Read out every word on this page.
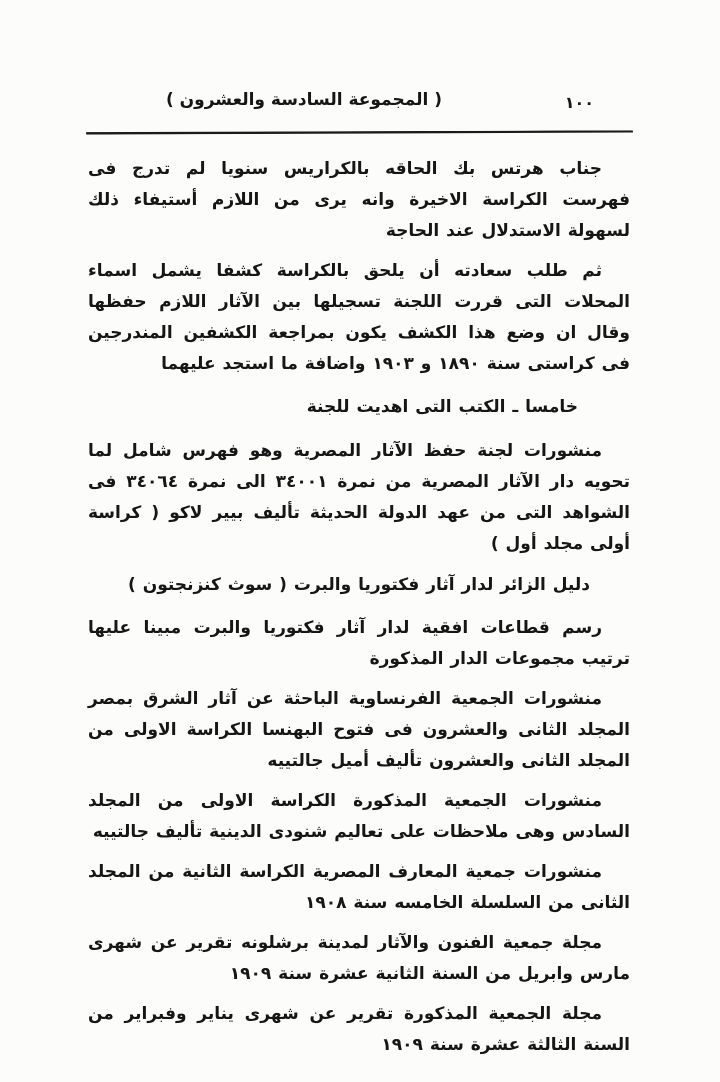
١٠٠
( المجموعة السادسة والعشرون )

جناب هرتس بك الحاقه بالكراريس سنويا لم تدرج فى فهرست الكراسة الاخيرة وانه يرى من اللازم أستيفاء ذلك لسهولة الاستدلال عند الحاجة

ثم طلب سعادته أن يلحق بالكراسة كشفا يشمل اسماء المحلات التى قررت اللجنة تسجيلها بين الآثار اللازم حفظها وقال ان وضع هذا الكشف يكون بمراجعة الكشفين المندرجين فى كراستى سنة ١٨٩٠ و ١٩٠٣ واضافة ما استجد عليهما

خامسا ـ الكتب التى اهديت للجنة

منشورات لجنة حفظ الآثار المصرية وهو فهرس شامل لما تحويه دار الآثار المصرية من نمرة ٣٤٠٠١ الى نمرة ٣٤٠٦٤ فى الشواهد التى من عهد الدولة الحديثة تأليف بيير لاكو ( كراسة أولى مجلد أول )

دليل الزائر لدار آثار فكتوريا والبرت ( سوث كنزنجتون )

رسم قطاعات افقية لدار آثار فكتوريا والبرت مبينا عليها ترتيب مجموعات الدار المذكورة

منشورات الجمعية الفرنساوية الباحثة عن آثار الشرق بمصر المجلد الثانى والعشرون فى فتوح البهنسا الكراسة الاولى من المجلد الثانى والعشرون تأليف أميل جالتييه

منشورات الجمعية المذكورة الكراسة الاولى من المجلد السادس وهى ملاحظات على تعاليم شنودى الدينية تأليف جالتييه

منشورات جمعية المعارف المصرية الكراسة الثانية من المجلد الثانى من السلسلة الخامسه سنة ١٩٠٨

مجلة جمعية الفنون والآثار لمدينة برشلونه تقرير عن شهرى مارس وابريل من السنة الثانية عشرة سنة ١٩٠٩

مجلة الجمعية المذكورة تقرير عن شهرى يناير وفبراير من السنة الثالثة عشرة سنة ١٩٠٩
